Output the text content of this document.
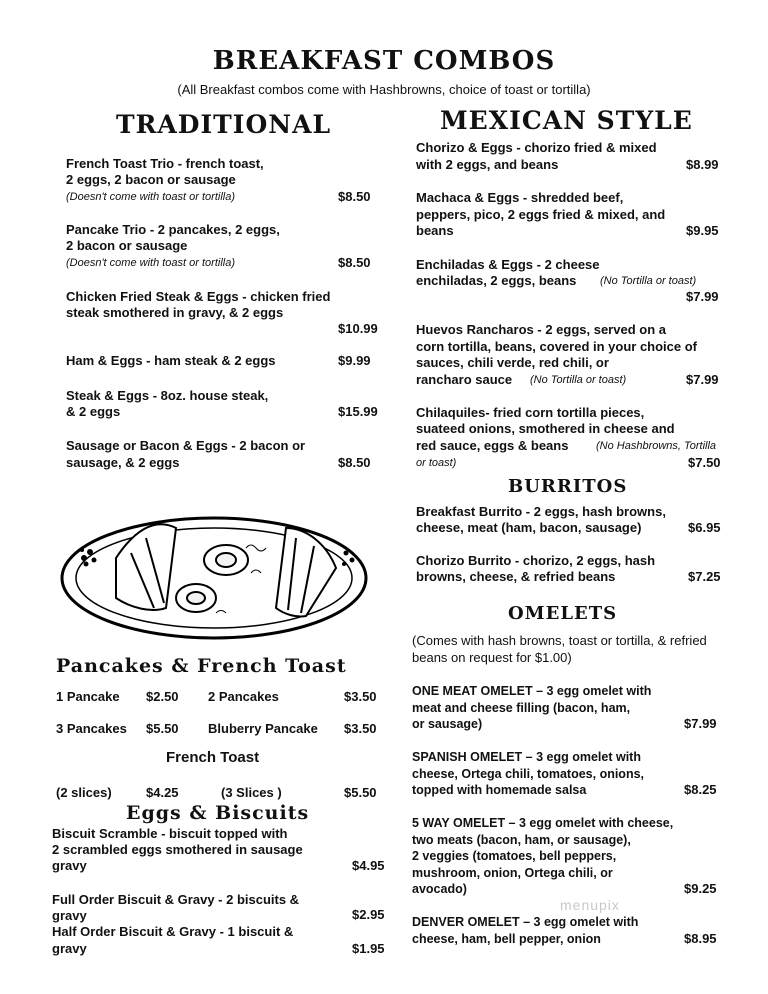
BREAKFAST COMBOS
(All Breakfast combos come with Hashbrowns, choice of toast or tortilla)
TRADITIONAL

French Toast Trio - french toast,

2 eggs, 2 bacon or sausage

(Doesn't come with toast or tortilla)	$8.50

Pancake Trio - 2 pancakes, 2 eggs,

2 bacon or sausage

(Doesn't come with toast or tortilla)	$8.50

Chicken Fried Steak & Eggs - chicken fried

steak smothered in gravy, & 2 eggs

$10.99

Ham & Eggs - ham steak & 2 eggs	$9.99

Steak & Eggs - 8oz. house steak,

& 2 eggs	$15.99

Sausage or Bacon & Eggs - 2 bacon or

sausage, & 2 eggs	$8.50
Pancakes & French Toast
1 Pancake $2.50 2 Pancakes	$3.50
3 Pancakes $5.50 Bluberry Pancake $3.50
French Toast
(2 slices)	$4.25	(3 Slices )	$5.50
Eggs & Biscuits

Biscuit Scramble - biscuit topped with

2 scrambled eggs smothered in sausage

gravy	$4.95

Full Order Biscuit & Gravy - 2 biscuits &

gravy	$2.95

Half Order Biscuit & Gravy - 1 biscuit &

gravy	$1.95
MEXICAN STYLE

Chorizo & Eggs - chorizo fried & mixed

with 2 eggs, and beans	$8.99

Machaca & Eggs - shredded beef,

peppers, pico, 2 eggs fried & mixed, and

beans	$9.95

Enchiladas & Eggs - 2 cheese

enchiladas, 2 eggs, beans (No Tortilla or toast)
$7.99

Huevos Rancharos - 2 eggs, served on a

corn tortilla, beans, covered in your choice of

sauces, chili verde, red chili, or

rancharo sauce (No Tortilla or toast)	$7.99

Chilaquiles- fried corn tortilla pieces,

suateed onions, smothered in cheese and

red sauce, eggs & beans	(No Hashbrowns, Tortilla

or toast)	$7.50
BURRITOS

Breakfast Burrito - 2 eggs, hash browns,

cheese, meat (ham, bacon, sausage)	$6.95

Chorizo Burrito - chorizo, 2 eggs, hash

browns, cheese, & refried beans	$7.25
OMELETS

(Comes with hash browns, toast or tortilla, & refried

beans on request for $1.00)

ONE MEAT OMELET – 3 egg omelet with

meat and cheese filling (bacon, ham,

or sausage)	$7.99

SPANISH OMELET – 3 egg omelet with

cheese, Ortega chili, tomatoes, onions,

topped with homemade salsa	$8.25

5 WAY OMELET – 3 egg omelet with cheese,

two meats (bacon, ham, or sausage),

2 veggies (tomatoes, bell peppers,

mushroom, onion, Ortega chili, or

avocado)	$9.25

DENVER OMELET – 3 egg omelet with

cheese, ham, bell pepper, onion	$8.95
menupix
